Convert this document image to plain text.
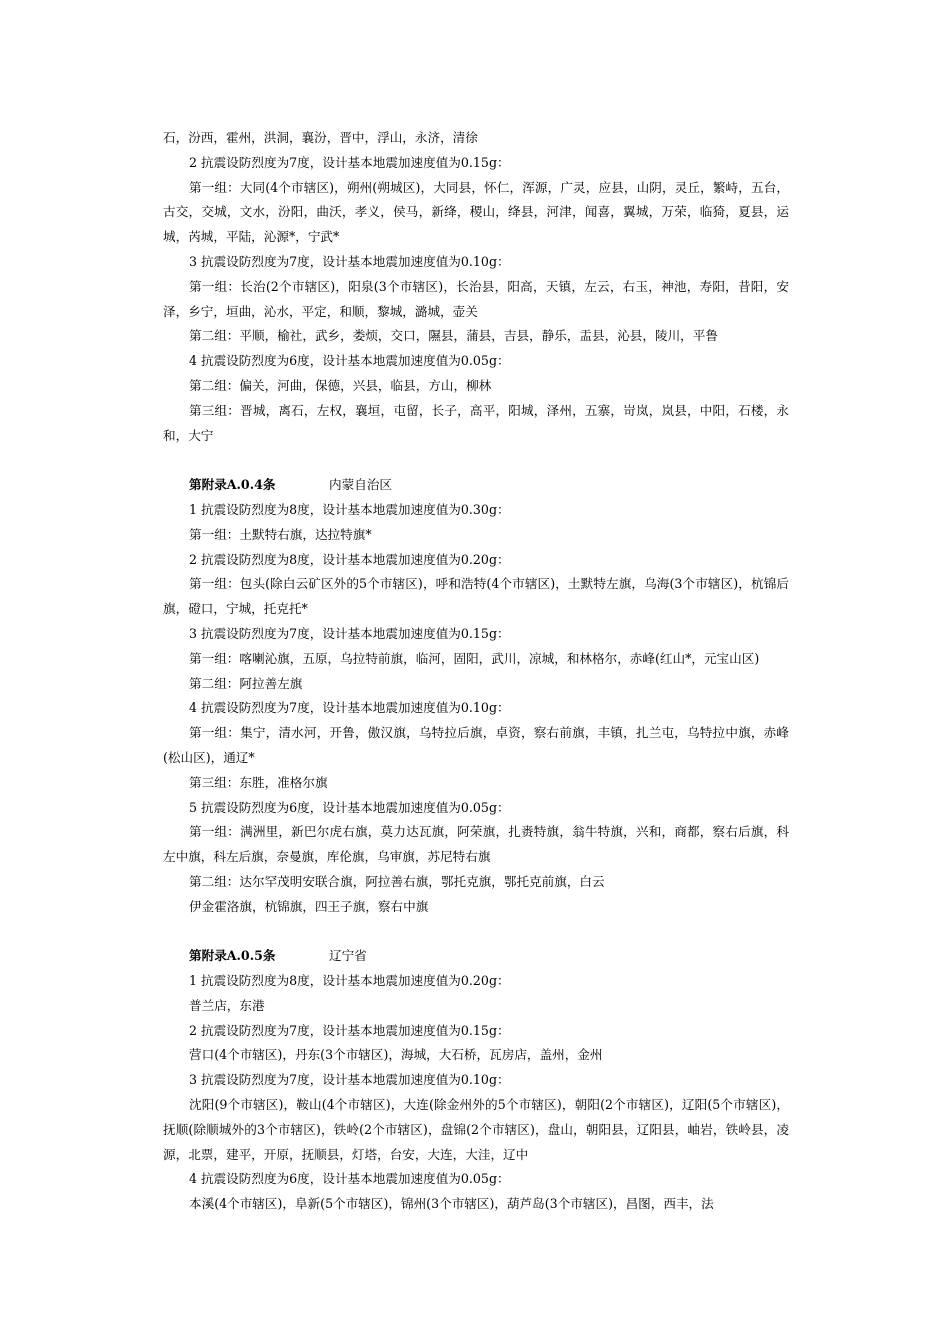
石，汾西，霍州，洪洞，襄汾，晋中，浮山，永济，清徐

2 抗震设防烈度为7度，设计基本地震加速度值为0.15g：

第一组：大同(4个市辖区)，朔州(朔城区)，大同县，怀仁，浑源，广灵，应县，山阴，灵丘，繁峙，五台，古交，交城，文水，汾阳，曲沃，孝义，侯马，新绛，稷山，绛县，河津，闻喜，翼城，万荣，临猗，夏县，运城，芮城，平陆，沁源*，宁武*

3 抗震设防烈度为7度，设计基本地震加速度值为0.10g：

第一组：长治(2个市辖区)，阳泉(3个市辖区)，长治县，阳高，天镇，左云，右玉，神池，寿阳，昔阳，安泽，乡宁，垣曲，沁水，平定，和顺，黎城，潞城，壶关

第二组：平顺，榆社，武乡，娄烦，交口，隰县，蒲县，吉县，静乐，盂县，沁县，陵川，平鲁

4 抗震设防烈度为6度，设计基本地震加速度值为0.05g：

第二组：偏关，河曲，保德，兴县，临县，方山，柳林

第三组：晋城，离石，左权，襄垣，屯留，长子，高平，阳城，泽州，五寨，岢岚，岚县，中阳，石楼，永和，大宁

第附录A.0.4条	内蒙自治区

1 抗震设防烈度为8度，设计基本地震加速度值为0.30g：

第一组：土默特右旗，达拉特旗*

2 抗震设防烈度为8度，设计基本地震加速度值为0.20g：

第一组：包头(除白云矿区外的5个市辖区)，呼和浩特(4个市辖区)，土默特左旗，乌海(3个市辖区)，杭锦后旗，磴口，宁城，托克托*

3 抗震设防烈度为7度，设计基本地震加速度值为0.15g：

第一组：喀喇沁旗，五原，乌拉特前旗，临河，固阳，武川，凉城，和林格尔，赤峰(红山*，元宝山区)

第二组：阿拉善左旗

4 抗震设防烈度为7度，设计基本地震加速度值为0.10g：

第一组：集宁，清水河，开鲁，傲汉旗，乌特拉后旗，卓资，察右前旗，丰镇，扎兰屯，乌特拉中旗，赤峰(松山区)，通辽*

第三组：东胜，准格尔旗

5 抗震设防烈度为6度，设计基本地震加速度值为0.05g：

第一组：满洲里，新巴尔虎右旗，莫力达瓦旗，阿荣旗，扎赉特旗，翁牛特旗，兴和，商都，察右后旗，科左中旗，科左后旗，奈曼旗，库伦旗，乌审旗，苏尼特右旗

第二组：达尔罕茂明安联合旗，阿拉善右旗，鄂托克旗，鄂托克前旗，白云

伊金霍洛旗，杭锦旗，四王子旗，察右中旗

第附录A.0.5条	辽宁省

1 抗震设防烈度为8度，设计基本地震加速度值为0.20g：

普兰店，东港

2 抗震设防烈度为7度，设计基本地震加速度值为0.15g：

营口(4个市辖区)，丹东(3个市辖区)，海城，大石桥，瓦房店，盖州，金州

3 抗震设防烈度为7度，设计基本地震加速度值为0.10g：

沈阳(9个市辖区)，鞍山(4个市辖区)，大连(除金州外的5个市辖区)，朝阳(2个市辖区)，辽阳(5个市辖区)，抚顺(除顺城外的3个市辖区)，铁岭(2个市辖区)，盘锦(2个市辖区)，盘山，朝阳县，辽阳县，岫岩，铁岭县，凌源，北票，建平，开原，抚顺县，灯塔，台安，大连，大洼，辽中

4 抗震设防烈度为6度，设计基本地震加速度值为0.05g：

本溪(4个市辖区)，阜新(5个市辖区)，锦州(3个市辖区)，葫芦岛(3个市辖区)，昌图，西丰，法
